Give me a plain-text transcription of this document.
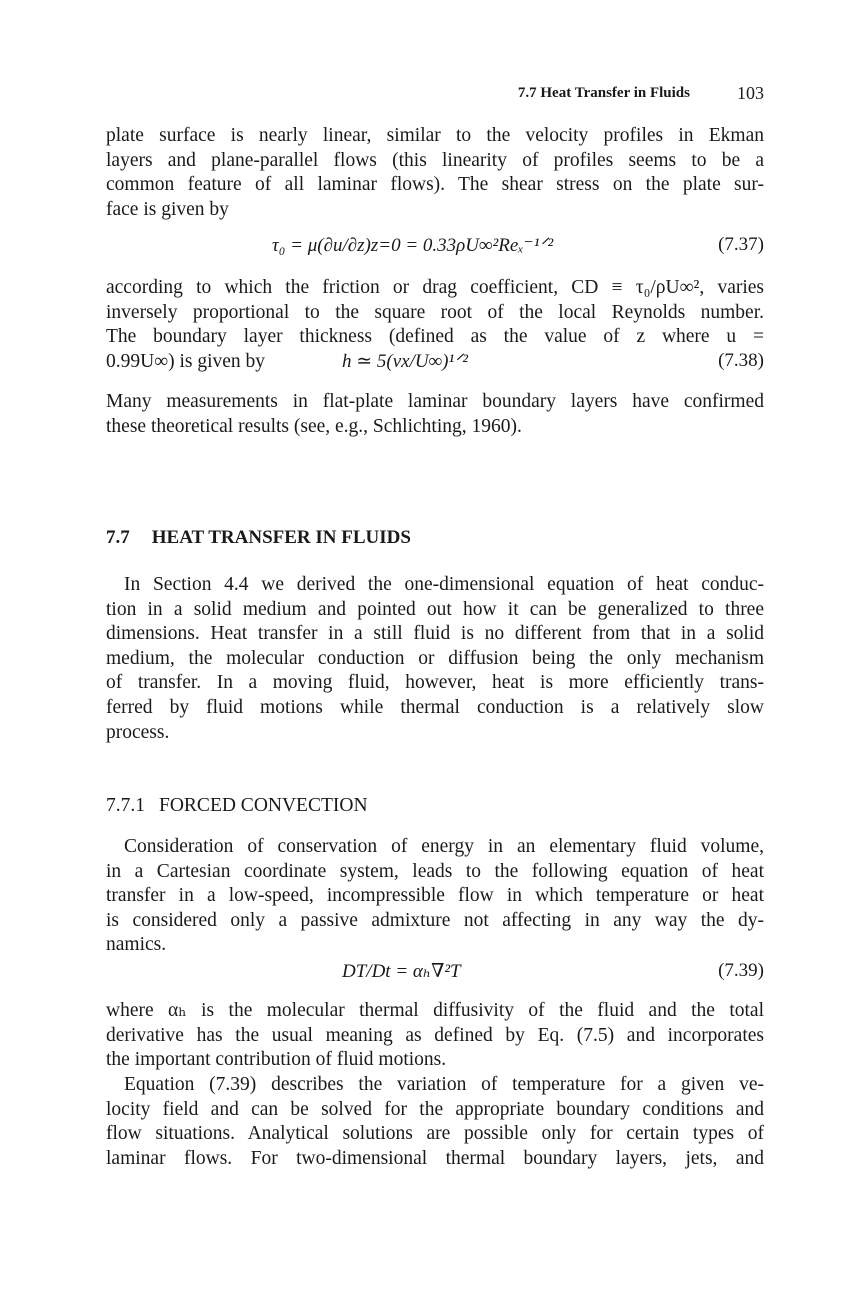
7.7 Heat Transfer in Fluids	103
plate surface is nearly linear, similar to the velocity profiles in Ekman
layers and plane-parallel flows (this linearity of profiles seems to be a
common feature of all laminar flows). The shear stress on the plate sur-
face is given by
τ₀ = μ(∂u/∂z)z=0 = 0.33ρU∞²Reₓ⁻¹ᐟ²	(7.37)
according to which the friction or drag coefficient, CD ≡ τ₀/ρU∞², varies
inversely proportional to the square root of the local Reynolds number.
The boundary layer thickness (defined as the value of z where u =
0.99U∞) is given by	h ≃ 5(νx/U∞)¹ᐟ²	(7.38)
Many measurements in flat-plate laminar boundary layers have confirmed
these theoretical results (see, e.g., Schlichting, 1960).
7.7 HEAT TRANSFER IN FLUIDS
In Section 4.4 we derived the one-dimensional equation of heat conduc-
tion in a solid medium and pointed out how it can be generalized to three
dimensions. Heat transfer in a still fluid is no different from that in a solid
medium, the molecular conduction or diffusion being the only mechanism
of transfer. In a moving fluid, however, heat is more efficiently trans-
ferred by fluid motions while thermal conduction is a relatively slow
process.
7.7.1 FORCED CONVECTION
Consideration of conservation of energy in an elementary fluid volume,
in a Cartesian coordinate system, leads to the following equation of heat
transfer in a low-speed, incompressible flow in which temperature or heat
is considered only a passive admixture not affecting in any way the dy-
namics.
DT/Dt = αₕ∇²T	(7.39)
where αₕ is the molecular thermal diffusivity of the fluid and the total
derivative has the usual meaning as defined by Eq. (7.5) and incorporates
the important contribution of fluid motions.
Equation (7.39) describes the variation of temperature for a given ve-
locity field and can be solved for the appropriate boundary conditions and
flow situations. Analytical solutions are possible only for certain types of
laminar flows. For two-dimensional thermal boundary layers, jets, and
